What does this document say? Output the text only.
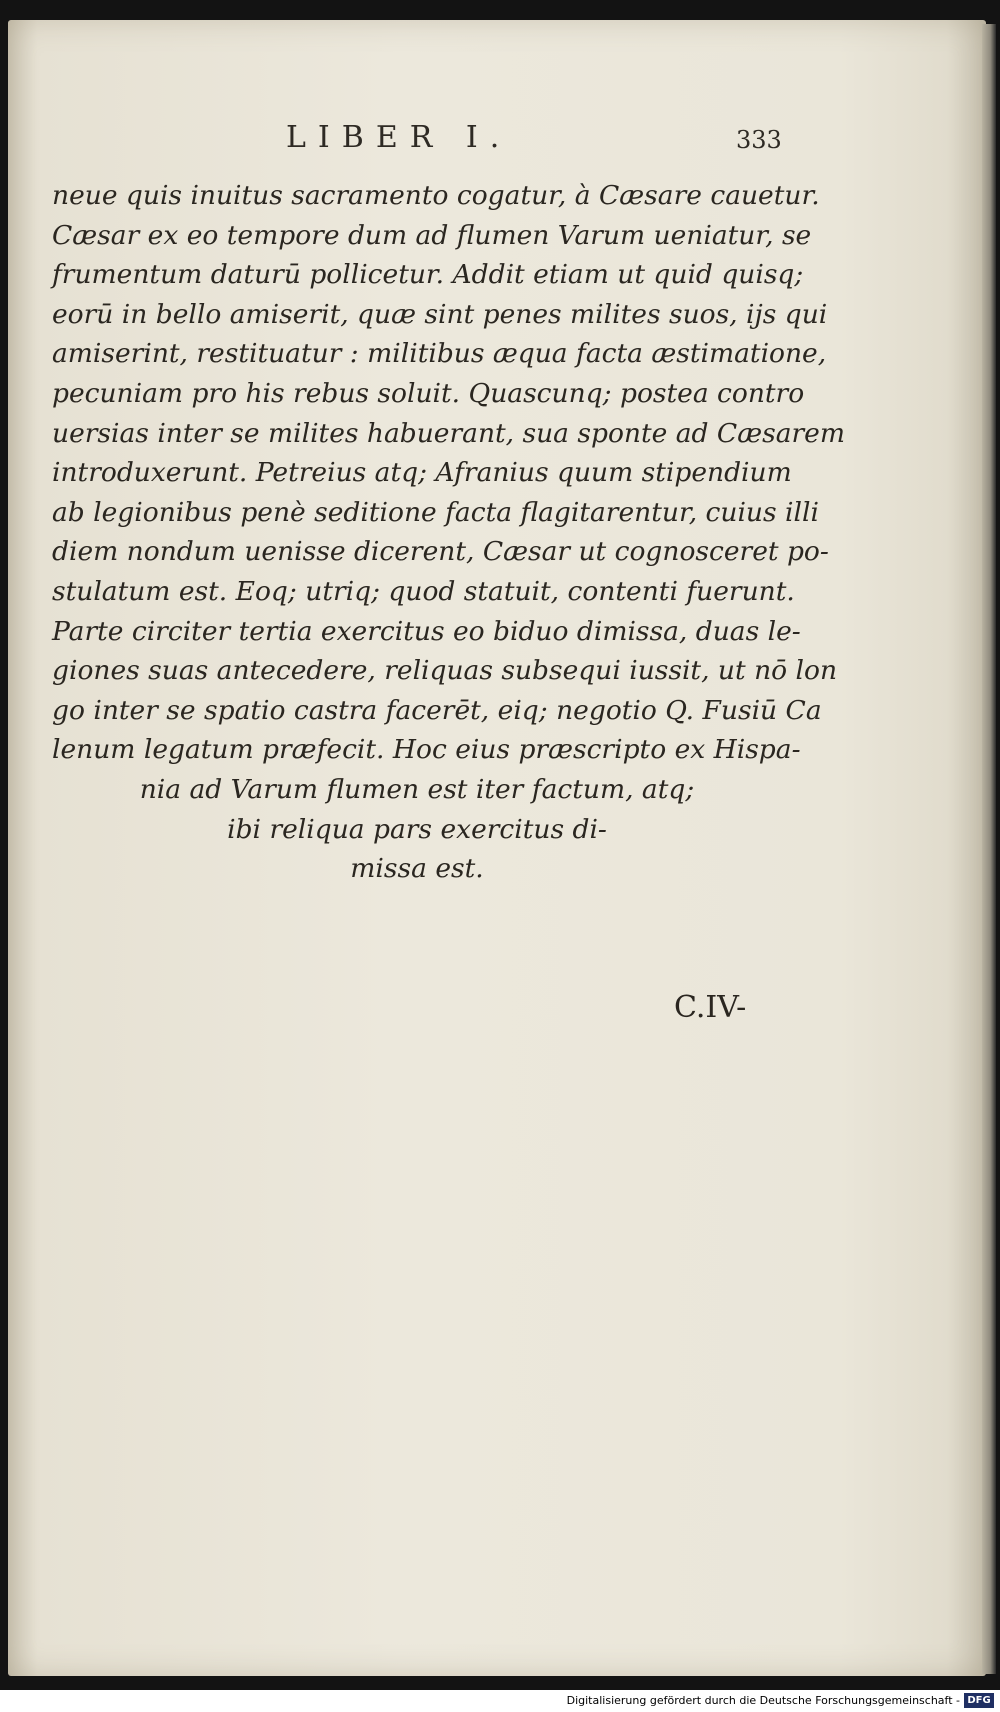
LIBER I.	333
neue quis inuitus sacramento cogatur, à Cæsare cauetur.
Cæsar ex eo tempore dum ad flumen Varum ueniatur, se
frumentum daturū pollicetur. Addit etiam ut quid quisq;
eorū in bello amiserit, quæ sint penes milites suos, ijs qui
amiserint, restituatur : militibus æqua facta æstimatione,
pecuniam pro his rebus soluit. Quascunq; postea contro
uersias inter se milites habuerant, sua sponte ad Cæsarem
introduxerunt. Petreius atq; Afranius quum stipendium
ab legionibus penè seditione facta flagitarentur, cuius illi
diem nondum uenisse dicerent, Cæsar ut cognosceret po-
stulatum est. Eoq; utriq; quod statuit, contenti fuerunt.
Parte circiter tertia exercitus eo biduo dimissa, duas le-
giones suas antecedere, reliquas subsequi iussit, ut nō lon
go inter se spatio castra facerēt, eiq; negotio Q. Fusiū Ca
lenum legatum præfecit. Hoc eius præscripto ex Hispa-
nia ad Varum flumen est iter factum, atq;
ibi reliqua pars exercitus di-
missa est.
C.IV-
Digitalisierung gefördert durch die Deutsche Forschungsgemeinschaft - DFG
